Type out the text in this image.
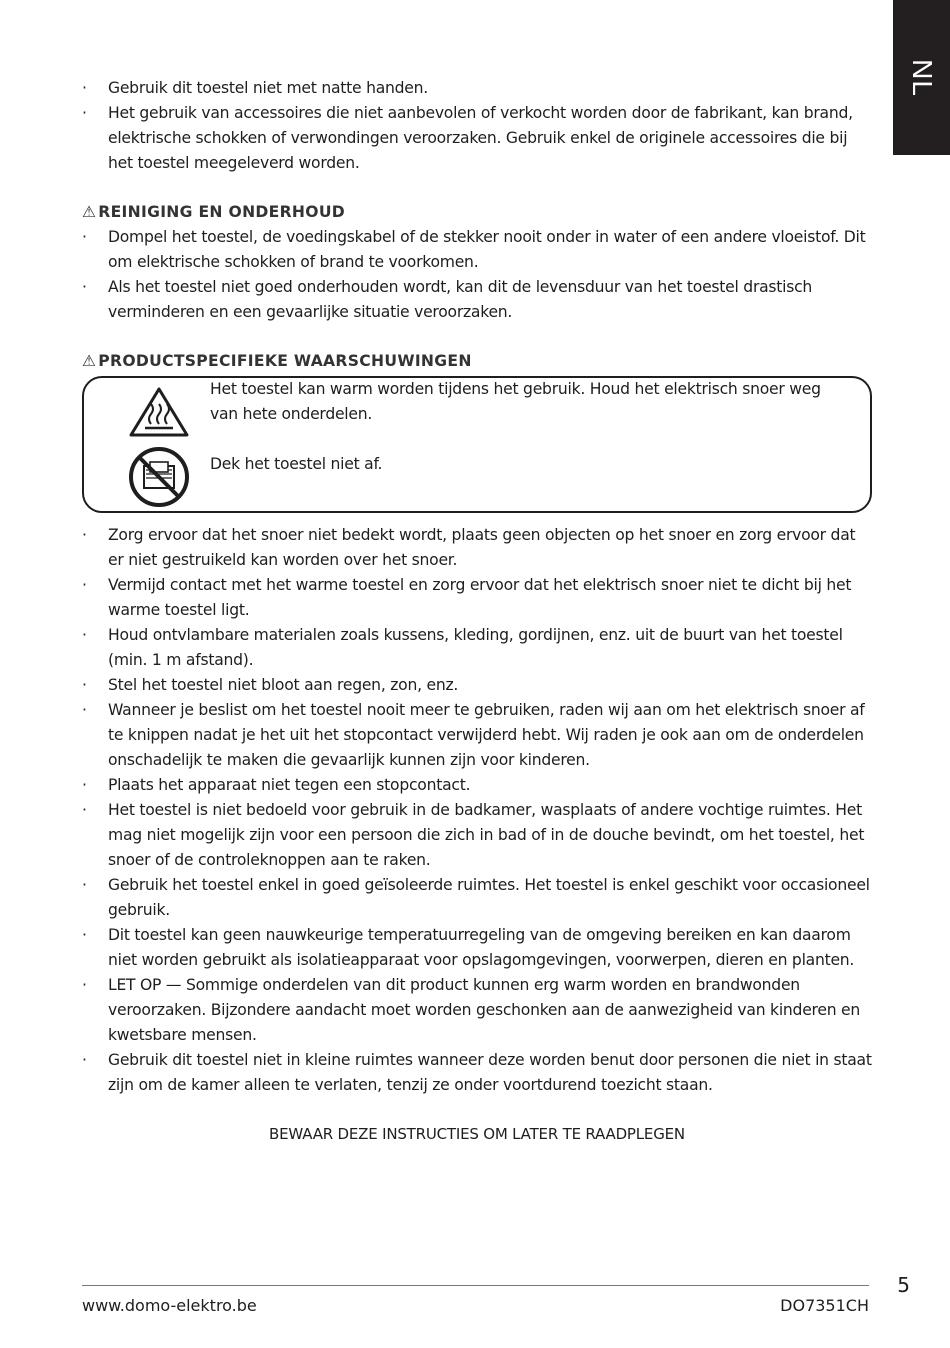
NL
· Gebruik dit toestel niet met natte handen.
· Het gebruik van accessoires die niet aanbevolen of verkocht worden door de fabrikant, kan brand, elektrische schokken of verwondingen veroorzaken. Gebruik enkel de originele accessoires die bij het toestel meegeleverd worden.
⚠ REINIGING EN ONDERHOUD
· Dompel het toestel, de voedingskabel of de stekker nooit onder in water of een andere vloeistof. Dit om elektrische schokken of brand te voorkomen.
· Als het toestel niet goed onderhouden wordt, kan dit de levensduur van het toestel drastisch verminderen en een gevaarlijke situatie veroorzaken.
⚠ PRODUCTSPECIFIEKE WAARSCHUWINGEN

Het toestel kan warm worden tijdens het gebruik. Houd het elektrisch snoer weg van hete onderdelen.

Dek het toestel niet af.

· Zorg ervoor dat het snoer niet bedekt wordt, plaats geen objecten op het snoer en zorg ervoor dat er niet gestruikeld kan worden over het snoer.
· Vermijd contact met het warme toestel en zorg ervoor dat het elektrisch snoer niet te dicht bij het warme toestel ligt.
· Houd ontvlambare materialen zoals kussens, kleding, gordijnen, enz. uit de buurt van het toestel (min. 1 m afstand).
· Stel het toestel niet bloot aan regen, zon, enz.
· Wanneer je beslist om het toestel nooit meer te gebruiken, raden wij aan om het elektrisch snoer af te knippen nadat je het uit het stopcontact verwijderd hebt. Wij raden je ook aan om de onderdelen onschadelijk te maken die gevaarlijk kunnen zijn voor kinderen.
· Plaats het apparaat niet tegen een stopcontact.
· Het toestel is niet bedoeld voor gebruik in de badkamer, wasplaats of andere vochtige ruimtes. Het mag niet mogelijk zijn voor een persoon die zich in bad of in de douche bevindt, om het toestel, het snoer of de controleknoppen aan te raken.
· Gebruik het toestel enkel in goed geïsoleerde ruimtes. Het toestel is enkel geschikt voor occasioneel gebruik.
· Dit toestel kan geen nauwkeurige temperatuurregeling van de omgeving bereiken en kan daarom niet worden gebruikt als isolatieapparaat voor opslagomgevingen, voorwerpen, dieren en planten.
· LET OP — Sommige onderdelen van dit product kunnen erg warm worden en brandwonden veroorzaken. Bijzondere aandacht moet worden geschonken aan de aanwezigheid van kinderen en kwetsbare mensen.
· Gebruik dit toestel niet in kleine ruimtes wanneer deze worden benut door personen die niet in staat zijn om de kamer alleen te verlaten, tenzij ze onder voortdurend toezicht staan.
BEWAAR DEZE INSTRUCTIES OM LATER TE RAADPLEGEN
5
www.domo-elektro.be	DO7351CH
